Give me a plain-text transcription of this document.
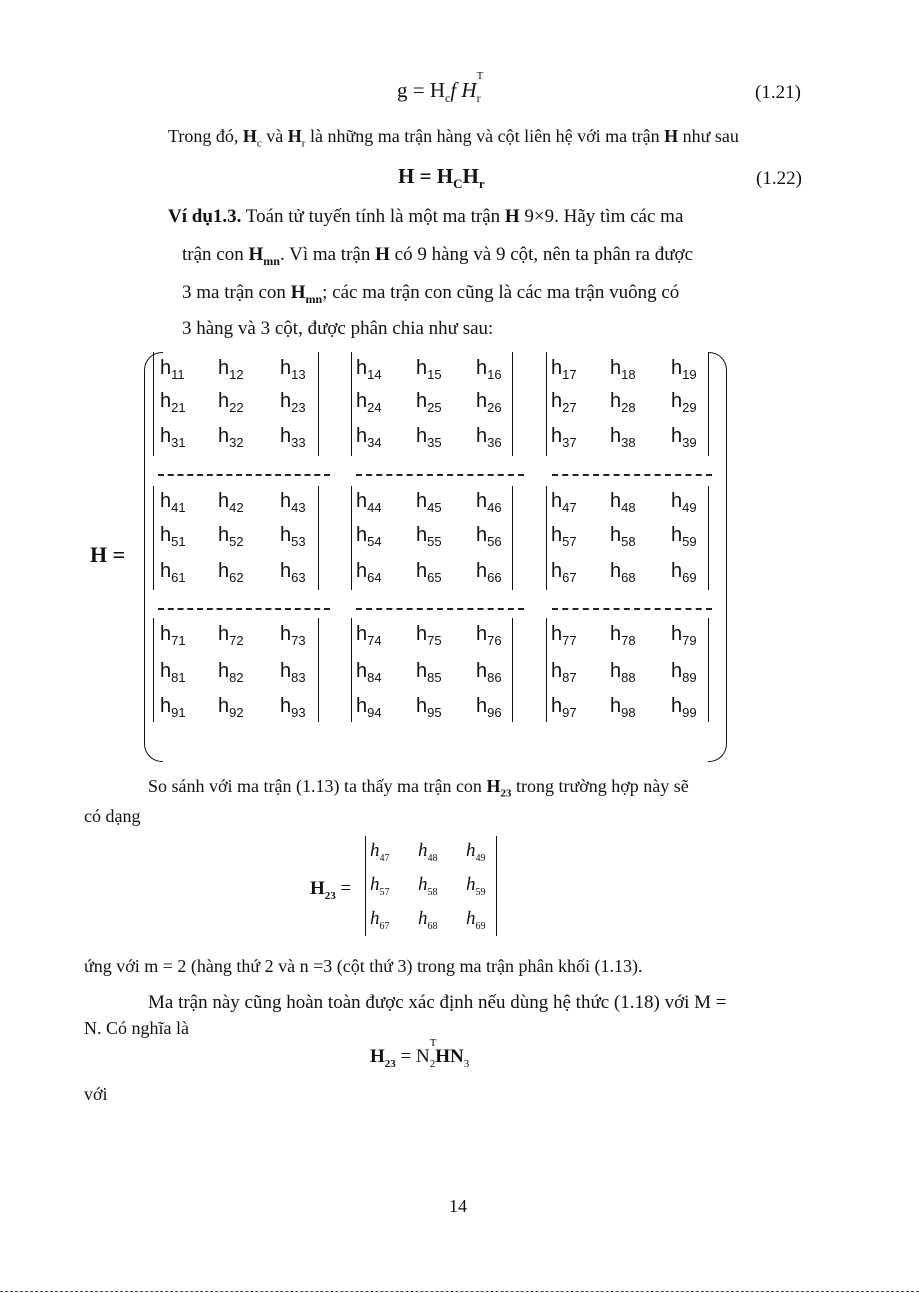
$g = H_cf$ H
T
$_r$	(1.21)
Trong đó, $H_c$ và $H_r$ là những ma trận hàng và cột liên hệ với ma trận H như sau
$H = H_CH_r$	(1.22)
Ví dụ1.3. Toán tử tuyến tính là một ma trận H 9×9. Hãy tìm các ma
trận con $H_{mn}$. Vì ma trận H có 9 hàng và 9 cột, nên ta phân ra được
3 ma trận con $H_{mn}$; các ma trận con cũng là các ma trận vuông có
3 hàng và 3 cột, được phân chia như sau:
H =
$h_{11}$ $h_{12}$ $h_{13}$	$h_{14}$ $h_{15}$ $h_{16}$ $h_{17}$ $h_{18}$ $h_{19}$
$h_{21}$ $h_{22}$ $h_{23}$	$h_{24}$ $h_{25}$ $h_{26}$ $h_{27}$ $h_{28}$ $h_{29}$
$h_{31}$ $h_{32}$ $h_{33}$	$h_{34}$ $h_{35}$ $h_{36}$ $h_{37}$ $h_{38}$ $h_{39}$
$h_{41}$ $h_{42}$ $h_{43}$	$h_{44}$ $h_{45}$ $h_{46}$ $h_{47}$ $h_{48}$ $h_{49}$
$h_{51}$ $h_{52}$ $h_{53}$	$h_{54}$ $h_{55}$ $h_{56}$ $h_{57}$ $h_{58}$ $h_{59}$
$h_{61}$ $h_{62}$ $h_{63}$	$h_{64}$ $h_{65}$ $h_{66}$ $h_{67}$ $h_{68}$ $h_{69}$
$h_{71}$ $h_{72}$ $h_{73}$	$h_{74}$ $h_{75}$ $h_{76}$ $h_{77}$ $h_{78}$ $h_{79}$
$h_{81}$ $h_{82}$ $h_{83}$	$h_{84}$ $h_{85}$ $h_{86}$ $h_{87}$ $h_{88}$ $h_{89}$
$h_{91}$ $h_{92}$ $h_{93}$	$h_{94}$ $h_{95}$ $h_{96}$ $h_{97}$ $h_{98}$ $h_{99}$
So sánh với ma trận (1.13) ta thấy ma trận con $H_{23}$ trong trường hợp này sẽ
có dạng
$H_{23}$ =
$h_{47}$ $h_{48}$ $h_{49}$
$h_{57}$ $h_{58}$ $h_{59}$
$h_{67}$ $h_{68}$ $h_{69}$
ứng với m = 2 (hàng thứ 2 và n =3 (cột thứ 3) trong ma trận phân khối (1.13).
Ma trận này cũng hoàn toàn được xác định nếu dùng hệ thức (1.18) với M =
N. Có nghĩa là
$H_{23} = N$
T
$_2HN_3$
với
14
